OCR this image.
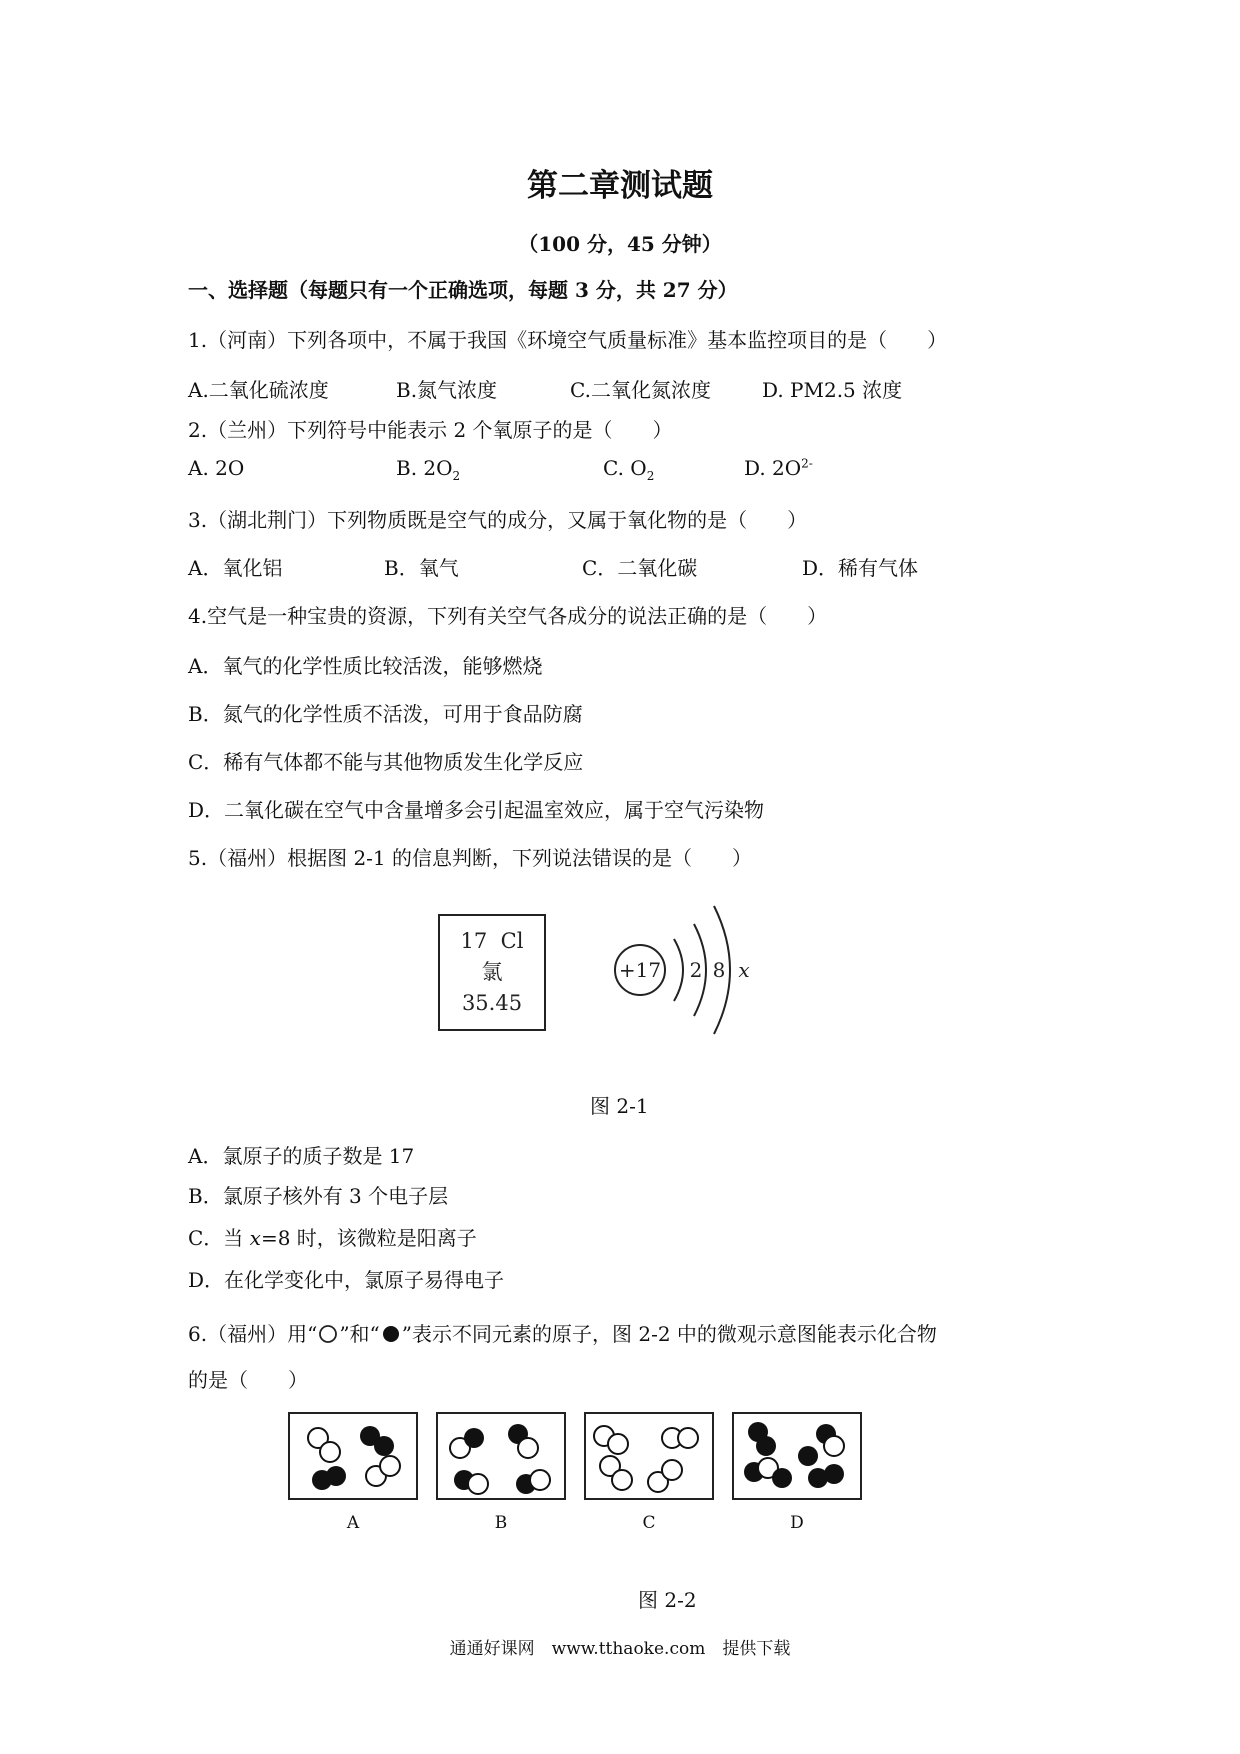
第二章测试题
（100 分，45 分钟）
一、选择题（每题只有一个正确选项，每题 3 分，共 27 分）
1.（河南）下列各项中，不属于我国《环境空气质量标准》基本监控项目的是（　　）
A.二氧化硫浓度	B.氮气浓度	C.二氧化氮浓度	D. PM2.5 浓度
2.（兰州）下列符号中能表示 2 个氧原子的是（　　）
A. 2O	B. $2O_2$	C. $O_2$	D. $2O^{2-}$
3.（湖北荆门）下列物质既是空气的成分，又属于氧化物的是（　　）
A．氧化铝	B．氧气	C．二氧化碳	D．稀有气体
4.空气是一种宝贵的资源，下列有关空气各成分的说法正确的是（　　）
A．氧气的化学性质比较活泼，能够燃烧
B．氮气的化学性质不活泼，可用于食品防腐
C．稀有气体都不能与其他物质发生化学反应
D．二氧化碳在空气中含量增多会引起温室效应，属于空气污染物
5.（福州）根据图 2-1 的信息判断，下列说法错误的是（　　）
17 Cl
氯
35.45
+17 2 8 x
图 2-1
A．氯原子的质子数是 17
B．氯原子核外有 3 个电子层
C．当 x=8 时，该微粒是阳离子
D．在化学变化中，氯原子易得电子
6.（福州）用“ ”和“ ”表示不同元素的原子，图 2-2 中的微观示意图能表示化合物
的是（　　）
A	B	C	D
图 2-2
通通好课网　www.tthaoke.com　提供下载
